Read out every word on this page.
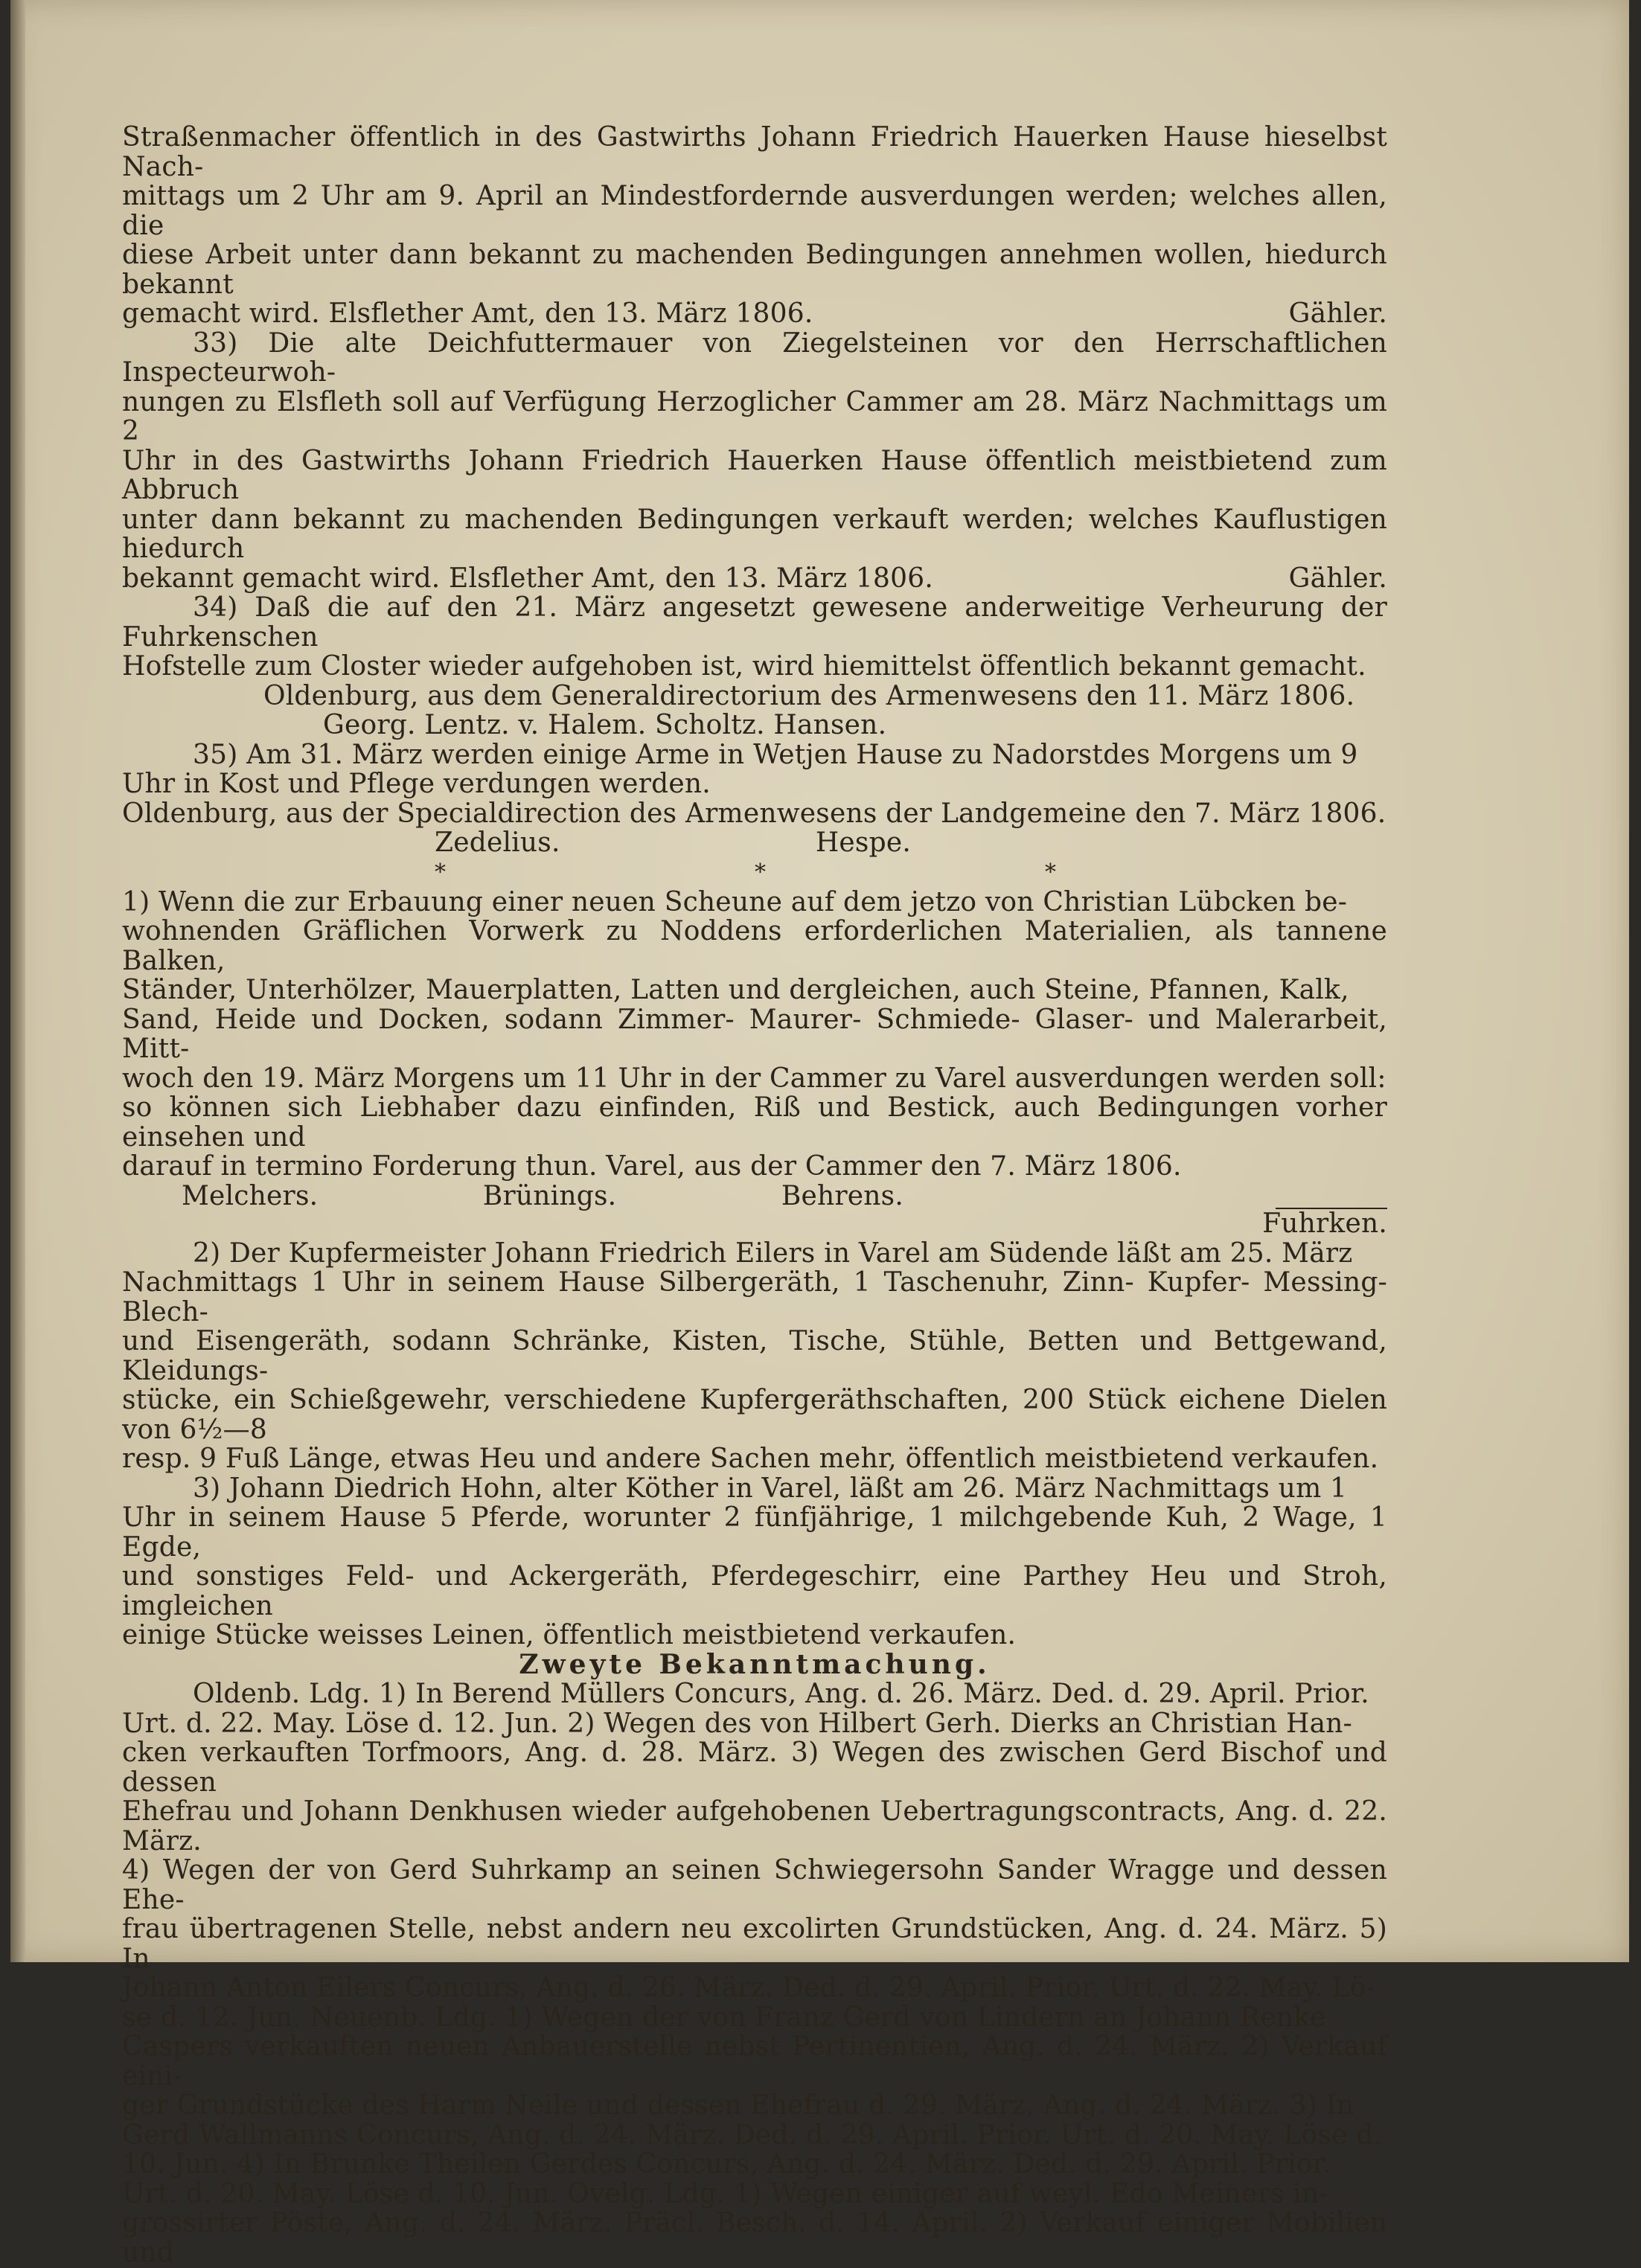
Straßenmacher öffentlich in des Gastwirths Johann Friedrich Hauerken Hause hieselbst Nach-

mittags um 2 Uhr am 9. April an Mindestfordernde ausverdungen werden; welches allen, die

diese Arbeit unter dann bekannt zu machenden Bedingungen annehmen wollen, hiedurch bekannt

gemacht wird. Elsflether Amt, den 13. März 1806.	Gähler.

33) Die alte Deichfuttermauer von Ziegelsteinen vor den Herrschaftlichen Inspecteurwoh-

nungen zu Elsfleth soll auf Verfügung Herzoglicher Cammer am 28. März Nachmittags um 2

Uhr in des Gastwirths Johann Friedrich Hauerken Hause öffentlich meistbietend zum Abbruch

unter dann bekannt zu machenden Bedingungen verkauft werden; welches Kauflustigen hiedurch

bekannt gemacht wird. Elsflether Amt, den 13. März 1806.	Gähler.

34) Daß die auf den 21. März angesetzt gewesene anderweitige Verheurung der Fuhrkenschen

Hofstelle zum Closter wieder aufgehoben ist, wird hiemittelst öffentlich bekannt gemacht.

Oldenburg, aus dem Generaldirectorium des Armenwesens den 11. März 1806.

Georg. Lentz. v. Halem. Scholtz. Hansen.

35) Am 31. März werden einige Arme in Wetjen Hause zu Nadorstdes Morgens um 9

Uhr in Kost und Pflege verdungen werden.

Oldenburg, aus der Specialdirection des Armenwesens der Landgemeine den 7. März 1806.

Zedelius.	Hespe.
*	*	*

1) Wenn die zur Erbauung einer neuen Scheune auf dem jetzo von Christian Lübcken be-

wohnenden Gräflichen Vorwerk zu Noddens erforderlichen Materialien, als tannene Balken,

Ständer, Unterhölzer, Mauerplatten, Latten und dergleichen, auch Steine, Pfannen, Kalk,

Sand, Heide und Docken, sodann Zimmer- Maurer- Schmiede- Glaser- und Malerarbeit, Mitt-

woch den 19. März Morgens um 11 Uhr in der Cammer zu Varel ausverdungen werden soll:

so können sich Liebhaber dazu einfinden, Riß und Bestick, auch Bedingungen vorher einsehen und

darauf in termino Forderung thun. Varel, aus der Cammer den 7. März 1806.

Melchers.	Brünings.	Behrens.

Fuhrken.

2) Der Kupfermeister Johann Friedrich Eilers in Varel am Südende läßt am 25. März

Nachmittags 1 Uhr in seinem Hause Silbergeräth, 1 Taschenuhr, Zinn- Kupfer- Messing- Blech-

und Eisengeräth, sodann Schränke, Kisten, Tische, Stühle, Betten und Bettgewand, Kleidungs-

stücke, ein Schießgewehr, verschiedene Kupfergeräthschaften, 200 Stück eichene Dielen von 6½—8

resp. 9 Fuß Länge, etwas Heu und andere Sachen mehr, öffentlich meistbietend verkaufen.

3) Johann Diedrich Hohn, alter Köther in Varel, läßt am 26. März Nachmittags um 1

Uhr in seinem Hause 5 Pferde, worunter 2 fünfjährige, 1 milchgebende Kuh, 2 Wage, 1 Egde,

und sonstiges Feld- und Ackergeräth, Pferdegeschirr, eine Parthey Heu und Stroh, imgleichen

einige Stücke weisses Leinen, öffentlich meistbietend verkaufen.

Zweyte Bekanntmachung.

Oldenb. Ldg. 1) In Berend Müllers Concurs, Ang. d. 26. März. Ded. d. 29. April. Prior.

Urt. d. 22. May. Löse d. 12. Jun. 2) Wegen des von Hilbert Gerh. Dierks an Christian Han-

cken verkauften Torfmoors, Ang. d. 28. März. 3) Wegen des zwischen Gerd Bischof und dessen

Ehefrau und Johann Denkhusen wieder aufgehobenen Uebertragungscontracts, Ang. d. 22. März.

4) Wegen der von Gerd Suhrkamp an seinen Schwiegersohn Sander Wragge und dessen Ehe-

frau übertragenen Stelle, nebst andern neu excolirten Grundstücken, Ang. d. 24. März. 5) In

Johann Anton Eilers Concurs, Ang. d. 26. März. Ded. d. 29. April. Prior. Urt. d. 22. May. Lö-

se d. 12. Jun. Neuenb. Ldg. 1) Wegen der von Franz Gerd von Lindern an Johann Renke

Caspers verkauften neuen Anbauerstelle nebst Pertinentien, Ang. d. 24. März. 2) Verkauf eini-

ger Grundstücke des Harm Neile und dessen Ehefrau d. 29. März, Ang. d. 24. März. 3) In

Gerd Wallmanns Concurs, Ang. d. 24. März. Ded. d. 29. April. Prior. Urt. d. 20. May. Löse d.

10. Jun. 4) In Brunke Theilen Gerdes Concurs, Ang. d. 24. März. Ded. d. 29. April. Prior.

Urt. d. 20. May. Löse d. 10. Jun. Ovelg. Ldg. 1) Wegen einiger auf weyl. Edo Meiners in-

grossirter Pöste, Ang. d. 24. März. Präcl. Besch. d. 14. April. 2) Verkauf einiger Mobilien und
